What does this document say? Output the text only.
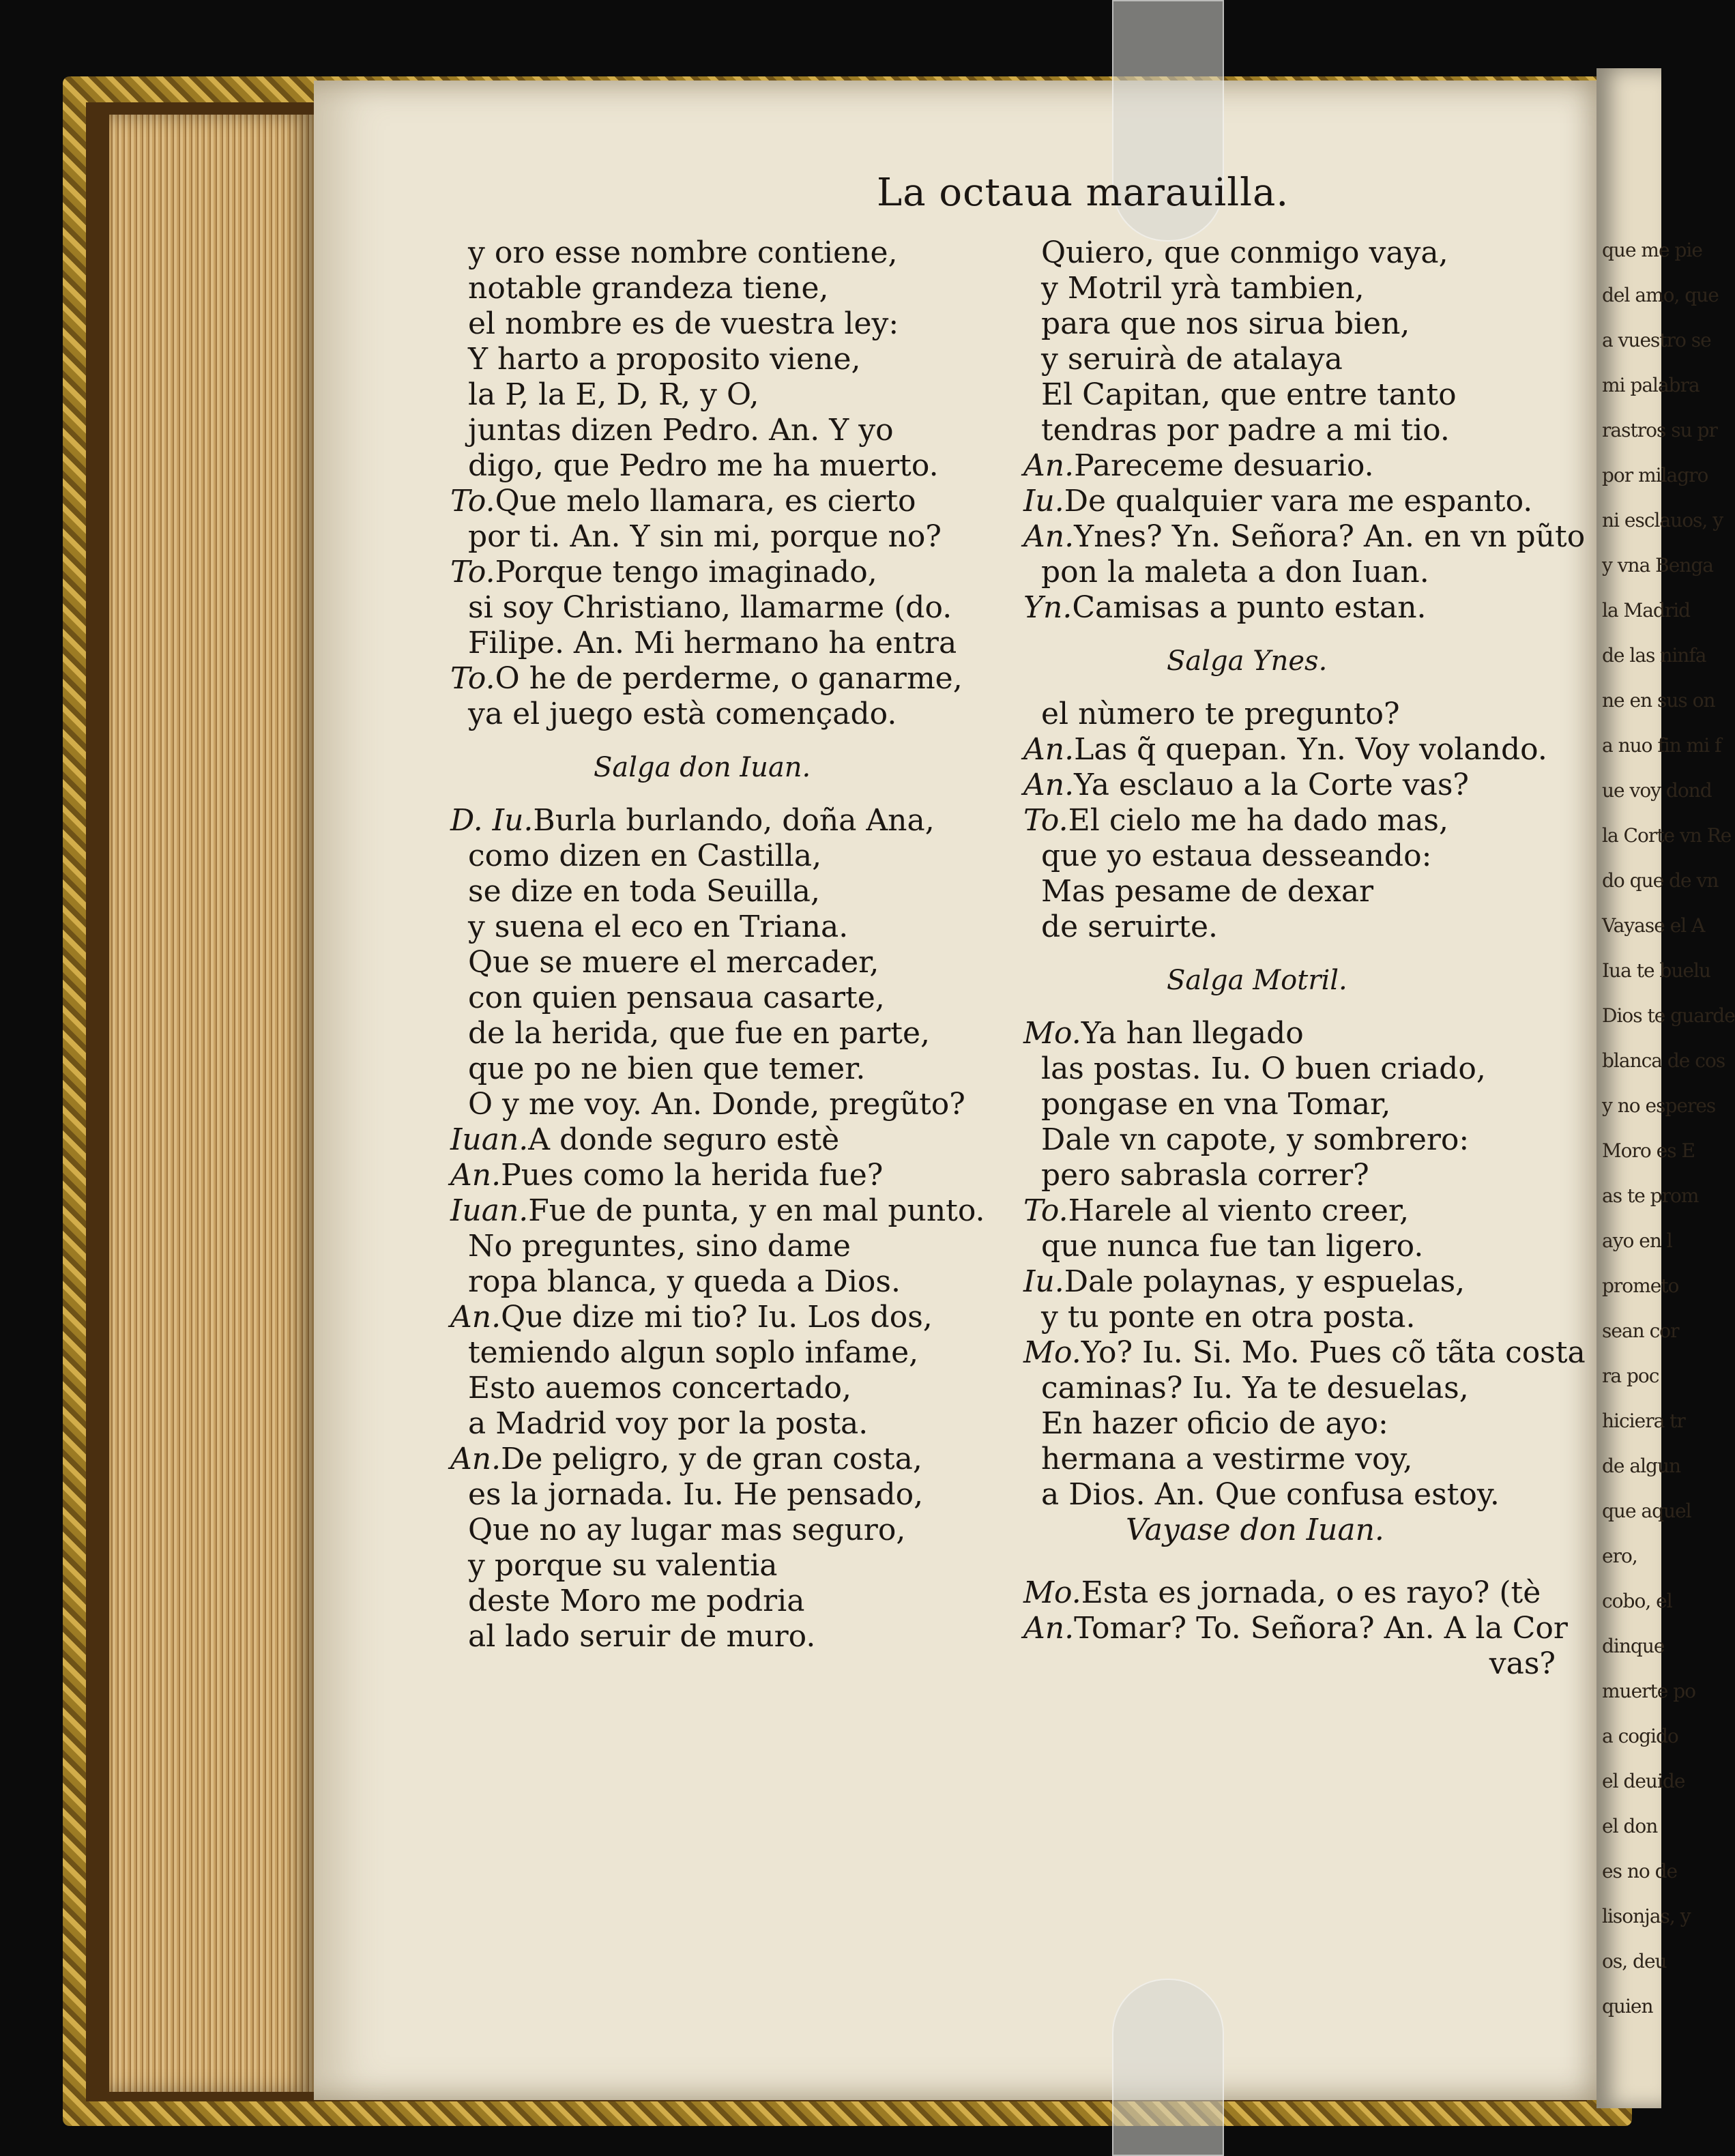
que me pie
del amo, que
a vuestro se
mi palabra
rastros su pr
por milagro
ni esclauos, y
y vna Benga
la Madrid
de las ninfa
ne en sus on
a nuo fin mi f
ue voy dond
la Corte vn Re
do que de vn
Vayase el A
Iua te buelu
Dios te guarde
blanca de cos
y no esperes
Moro es E
as te prom
ayo en l
prometo
sean cor
ra poc
hiciera tr
de algun
que aquel
ero,
cobo, el
dinque
muerte po
a cogido
el deuide
el don
es no de
lisonjas, y
os, deu
quien
La octaua marauilla.
y oro esse nombre contiene,
notable grandeza tiene,
el nombre es de vuestra ley:
Y harto a proposito viene,
la P, la E, D, R, y O,
juntas dizen Pedro. An. Y yo
digo, que Pedro me ha muerto.
To.Que melo llamara, es cierto
por ti. An. Y sin mi, porque no?
To.Porque tengo imaginado,
si soy Christiano, llamarme (do.
Filipe. An. Mi hermano ha entra
To.O he de perderme, o ganarme,
ya el juego està començado.
Salga don Iuan.
D. Iu.Burla burlando, doña Ana,
como dizen en Castilla,
se dize en toda Seuilla,
y suena el eco en Triana.
Que se muere el mercader,
con quien pensaua casarte,
de la herida, que fue en parte,
que po ne bien que temer.
O y me voy. An. Donde, pregũto?
Iuan.A donde seguro estè
An.Pues como la herida fue?
Iuan.Fue de punta, y en mal punto.
No preguntes, sino dame
ropa blanca, y queda a Dios.
An.Que dize mi tio? Iu. Los dos,
temiendo algun soplo infame,
Esto auemos concertado,
a Madrid voy por la posta.
An.De peligro, y de gran costa,
es la jornada. Iu. He pensado,
Que no ay lugar mas seguro,
y porque su valentia
deste Moro me podria
al lado seruir de muro.
Quiero, que conmigo vaya,
y Motril yrà tambien,
para que nos sirua bien,
y seruirà de atalaya
El Capitan, que entre tanto
tendras por padre a mi tio.
An.Pareceme desuario.
Iu.De qualquier vara me espanto.
An.Ynes? Yn. Señora? An. en vn pũto
pon la maleta a don Iuan.
Yn.Camisas a punto estan.
Salga Ynes.
el nùmero te pregunto?
An.Las q̃ quepan. Yn. Voy volando.
An.Ya esclauo a la Corte vas?
To.El cielo me ha dado mas,
que yo estaua dessеando:
Mas pesame de dexar
de seruirte.
Salga Motril.
Mo.Ya han llegado
las postas. Iu. O buen criado,
pongase en vna Tomar,
Dale vn capote, y sombrero:
pero sabrasla correr?
To.Harele al viento creer,
que nunca fue tan ligero.
Iu.Dale polaynas, y espuelas,
y tu ponte en otra posta.
Mo.Yo? Iu. Si. Mo. Pues cõ tãta costa
caminas? Iu. Ya te desuelas,
En hazer oficio de ayo:
hermana a vestirme voy,
a Dios. An. Que confusa estoy.
Vayase don Iuan.
Mo.Esta es jornada, o es rayo? (tè
An.Tomar? To. Señora? An. A la Cor
vas?
